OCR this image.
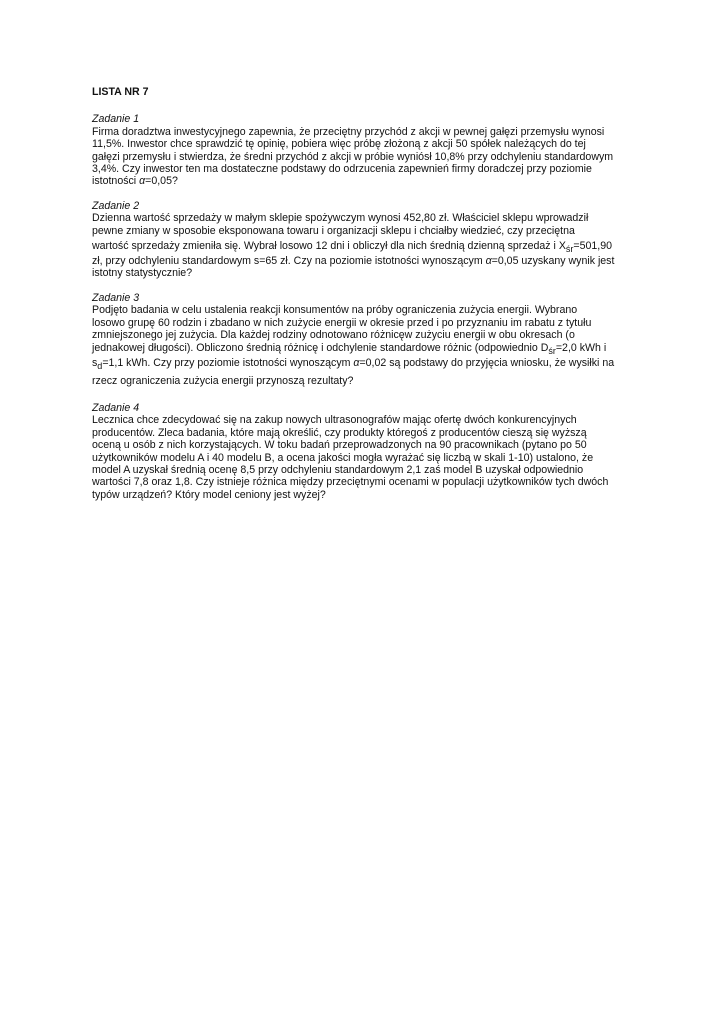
LISTA NR 7
Zadanie 1
Firma doradztwa inwestycyjnego zapewnia, że przeciętny przychód z akcji w pewnej gałęzi przemysłu wynosi
11,5%. Inwestor chce sprawdzić tę opinię, pobiera więc próbę złożoną z akcji 50 spółek należących do tej
gałęzi przemysłu i stwierdza, że średni przychód z akcji w próbie wyniósł 10,8% przy odchyleniu standardowym
3,4%. Czy inwestor ten ma dostateczne podstawy do odrzucenia zapewnień firmy doradczej przy poziomie
istotności α=0,05?
Zadanie 2
Dzienna wartość sprzedaży w małym sklepie spożywczym wynosi 452,80 zł. Właściciel sklepu wprowadził
pewne zmiany w sposobie eksponowana towaru i organizacji sklepu i chciałby wiedzieć, czy przeciętna
wartość sprzedaży zmieniła się. Wybrał losowo 12 dni i obliczył dla nich średnią dzienną sprzedaż i $X_{śr}=501,90$
zł, przy odchyleniu standardowym s=65 zł. Czy na poziomie istotności wynoszącym α=0,05 uzyskany wynik jest
istotny statystycznie?
Zadanie 3
Podjęto badania w celu ustalenia reakcji konsumentów na próby ograniczenia zużycia energii. Wybrano
losowo grupę 60 rodzin i zbadano w nich zużycie energii w okresie przed i po przyznaniu im rabatu z tytułu
zmniejszonego jej zużycia. Dla każdej rodziny odnotowano różnicęw zużyciu energii w obu okresach (o
jednakowej długości). Obliczono średnią różnicę i odchylenie standardowe różnic (odpowiednio $D_{śr}=2,0$ kWh i
$s_d=1,1$ kWh. Czy przy poziomie istotności wynoszącym α=0,02 są podstawy do przyjęcia wniosku, że wysiłki na
rzecz ograniczenia zużycia energii przynoszą rezultaty?
Zadanie 4
Lecznica chce zdecydować się na zakup nowych ultrasonografów mając ofertę dwóch konkurencyjnych
producentów. Zleca badania, które mają określić, czy produkty któregoś z producentów cieszą się wyższą
oceną u osób z nich korzystających. W toku badań przeprowadzonych na 90 pracownikach (pytano po 50
użytkowników modelu A i 40 modelu B, a ocena jakości mogła wyrażać się liczbą w skali 1-10) ustalono, że
model A uzyskał średnią ocenę 8,5 przy odchyleniu standardowym 2,1 zaś model B uzyskał odpowiednio
wartości 7,8 oraz 1,8. Czy istnieje różnica między przeciętnymi ocenami w populacji użytkowników tych dwóch
typów urządzeń? Który model ceniony jest wyżej?
